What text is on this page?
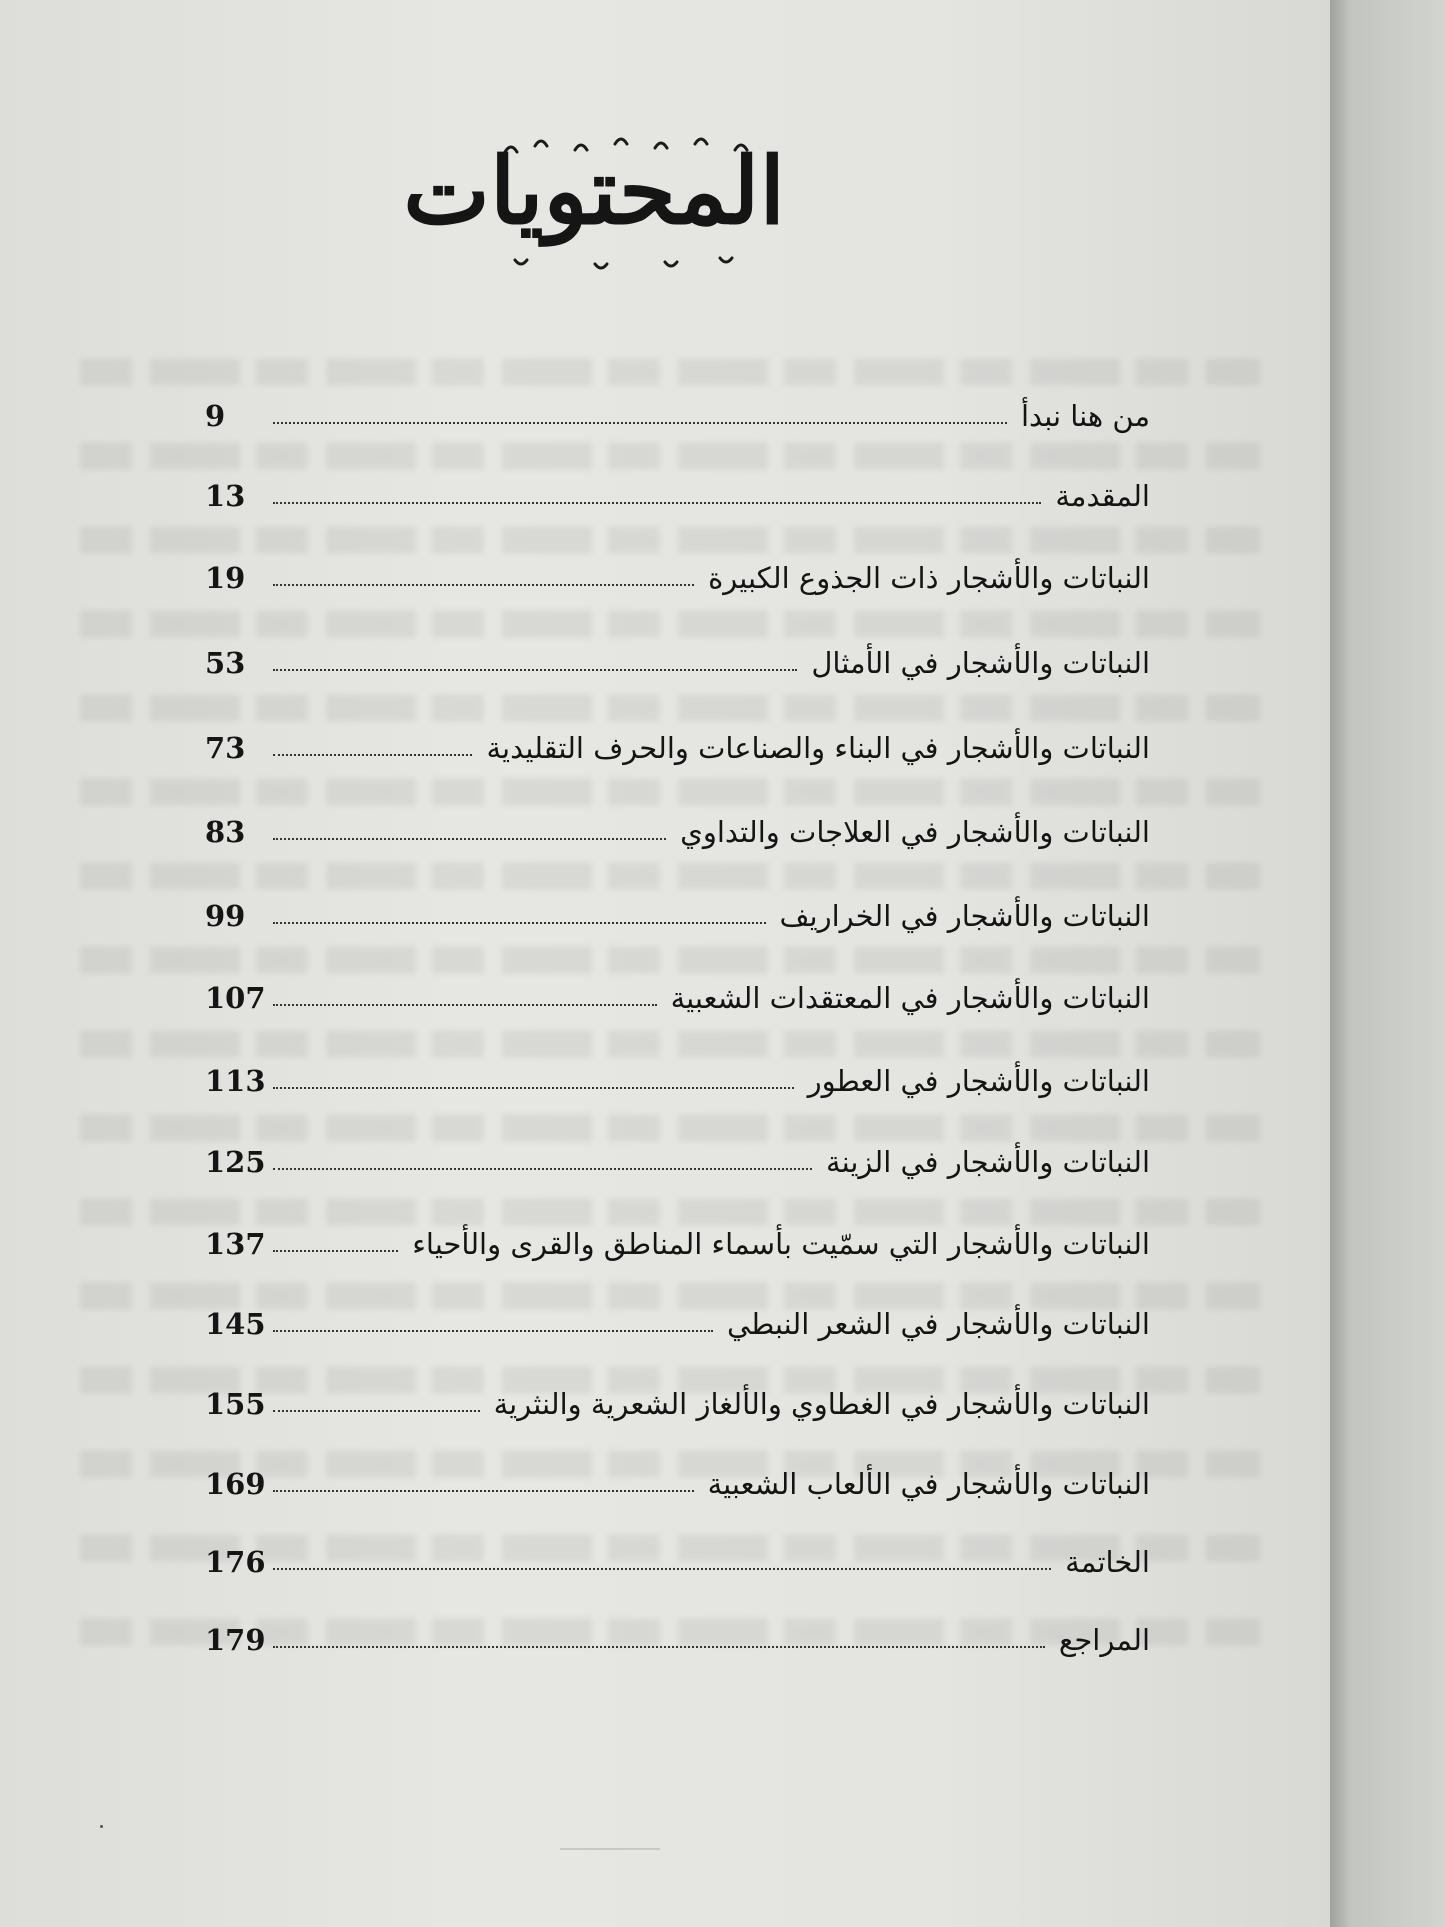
المحتويات
من هنا نبدأ
9
المقدمة
13
النباتات والأشجار ذات الجذوع الكبيرة
19
النباتات والأشجار في الأمثال
53
النباتات والأشجار في البناء والصناعات والحرف التقليدية
73
النباتات والأشجار في العلاجات والتداوي
83
النباتات والأشجار في الخراريف
99
النباتات والأشجار في المعتقدات الشعبية
107
النباتات والأشجار في العطور
113
النباتات والأشجار في الزينة
125
النباتات والأشجار التي سمّيت بأسماء المناطق والقرى والأحياء
137
النباتات والأشجار في الشعر النبطي
145
النباتات والأشجار في الغطاوي والألغاز الشعرية والنثرية
155
النباتات والأشجار في الألعاب الشعبية
169
الخاتمة
176
المراجع
179
